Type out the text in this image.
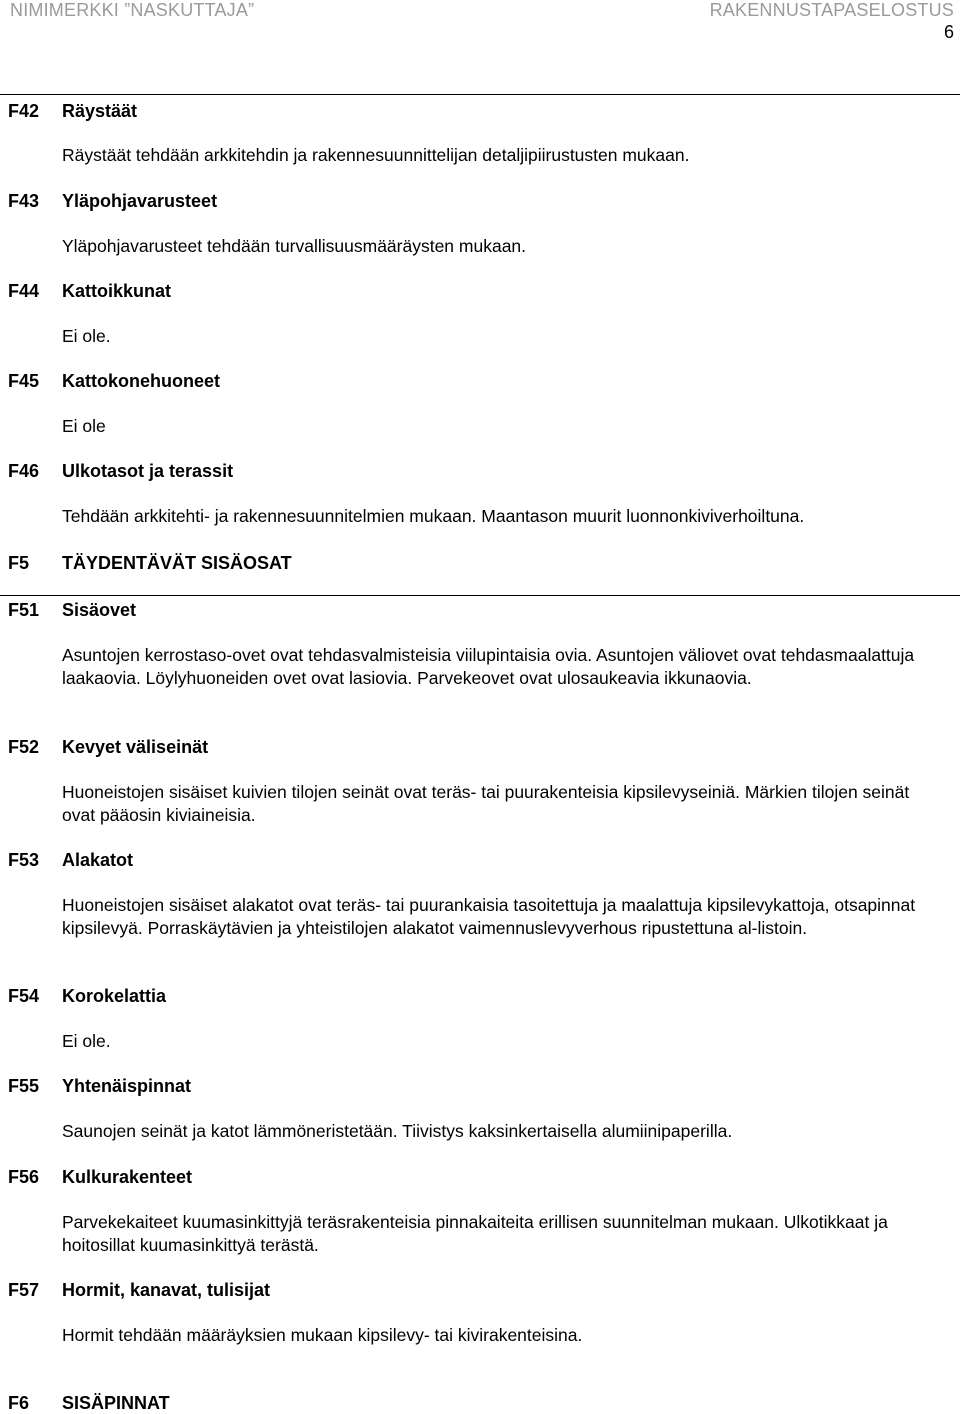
NIMIMERKKI ”NASKUTTAJA”	RAKENNUSTAPASELOSTUS
6
F42 Räystäät
Räystäät tehdään arkkitehdin ja rakennesuunnittelijan detaljipiirustusten mukaan.
F43 Yläpohjavarusteet
Yläpohjavarusteet tehdään turvallisuusmääräysten mukaan.
F44 Kattoikkunat
Ei ole.
F45 Kattokonehuoneet
Ei ole
F46 Ulkotasot ja terassit
Tehdään arkkitehti- ja rakennesuunnitelmien mukaan. Maantason muurit luonnonkiviverhoiltuna.
F5 TÄYDENTÄVÄT SISÄOSAT
F51 Sisäovet
Asuntojen kerrostaso-ovet ovat tehdasvalmisteisia viilupintaisia ovia. Asuntojen väliovet ovat tehdasmaalattuja laakaovia. Löylyhuoneiden ovet ovat lasiovia. Parvekeovet ovat ulosaukeavia ikkunaovia.
F52 Kevyet väliseinät
Huoneistojen sisäiset kuivien tilojen seinät ovat teräs- tai puurakenteisia kipsilevyseiniä. Märkien tilojen seinät ovat pääosin kiviaineisia.
F53 Alakatot
Huoneistojen sisäiset alakatot ovat teräs- tai puurankaisia tasoitettuja ja maalattuja kipsilevykattoja, otsapinnat kipsilevyä. Porraskäytävien ja yhteistilojen alakatot vaimennuslevyverhous ripustettuna al-listoin.
F54 Korokelattia
Ei ole.
F55 Yhtenäispinnat
Saunojen seinät ja katot lämmöneristetään. Tiivistys kaksinkertaisella alumiinipaperilla.
F56 Kulkurakenteet
Parvekekaiteet kuumasinkittyjä teräsrakenteisia pinnakaiteita erillisen suunnitelman mukaan. Ulkotikkaat ja hoitosillat kuumasinkittyä terästä.
F57 Hormit, kanavat, tulisijat
Hormit tehdään määräyksien mukaan kipsilevy- tai kivirakenteisina.
F6 SISÄPINNAT
